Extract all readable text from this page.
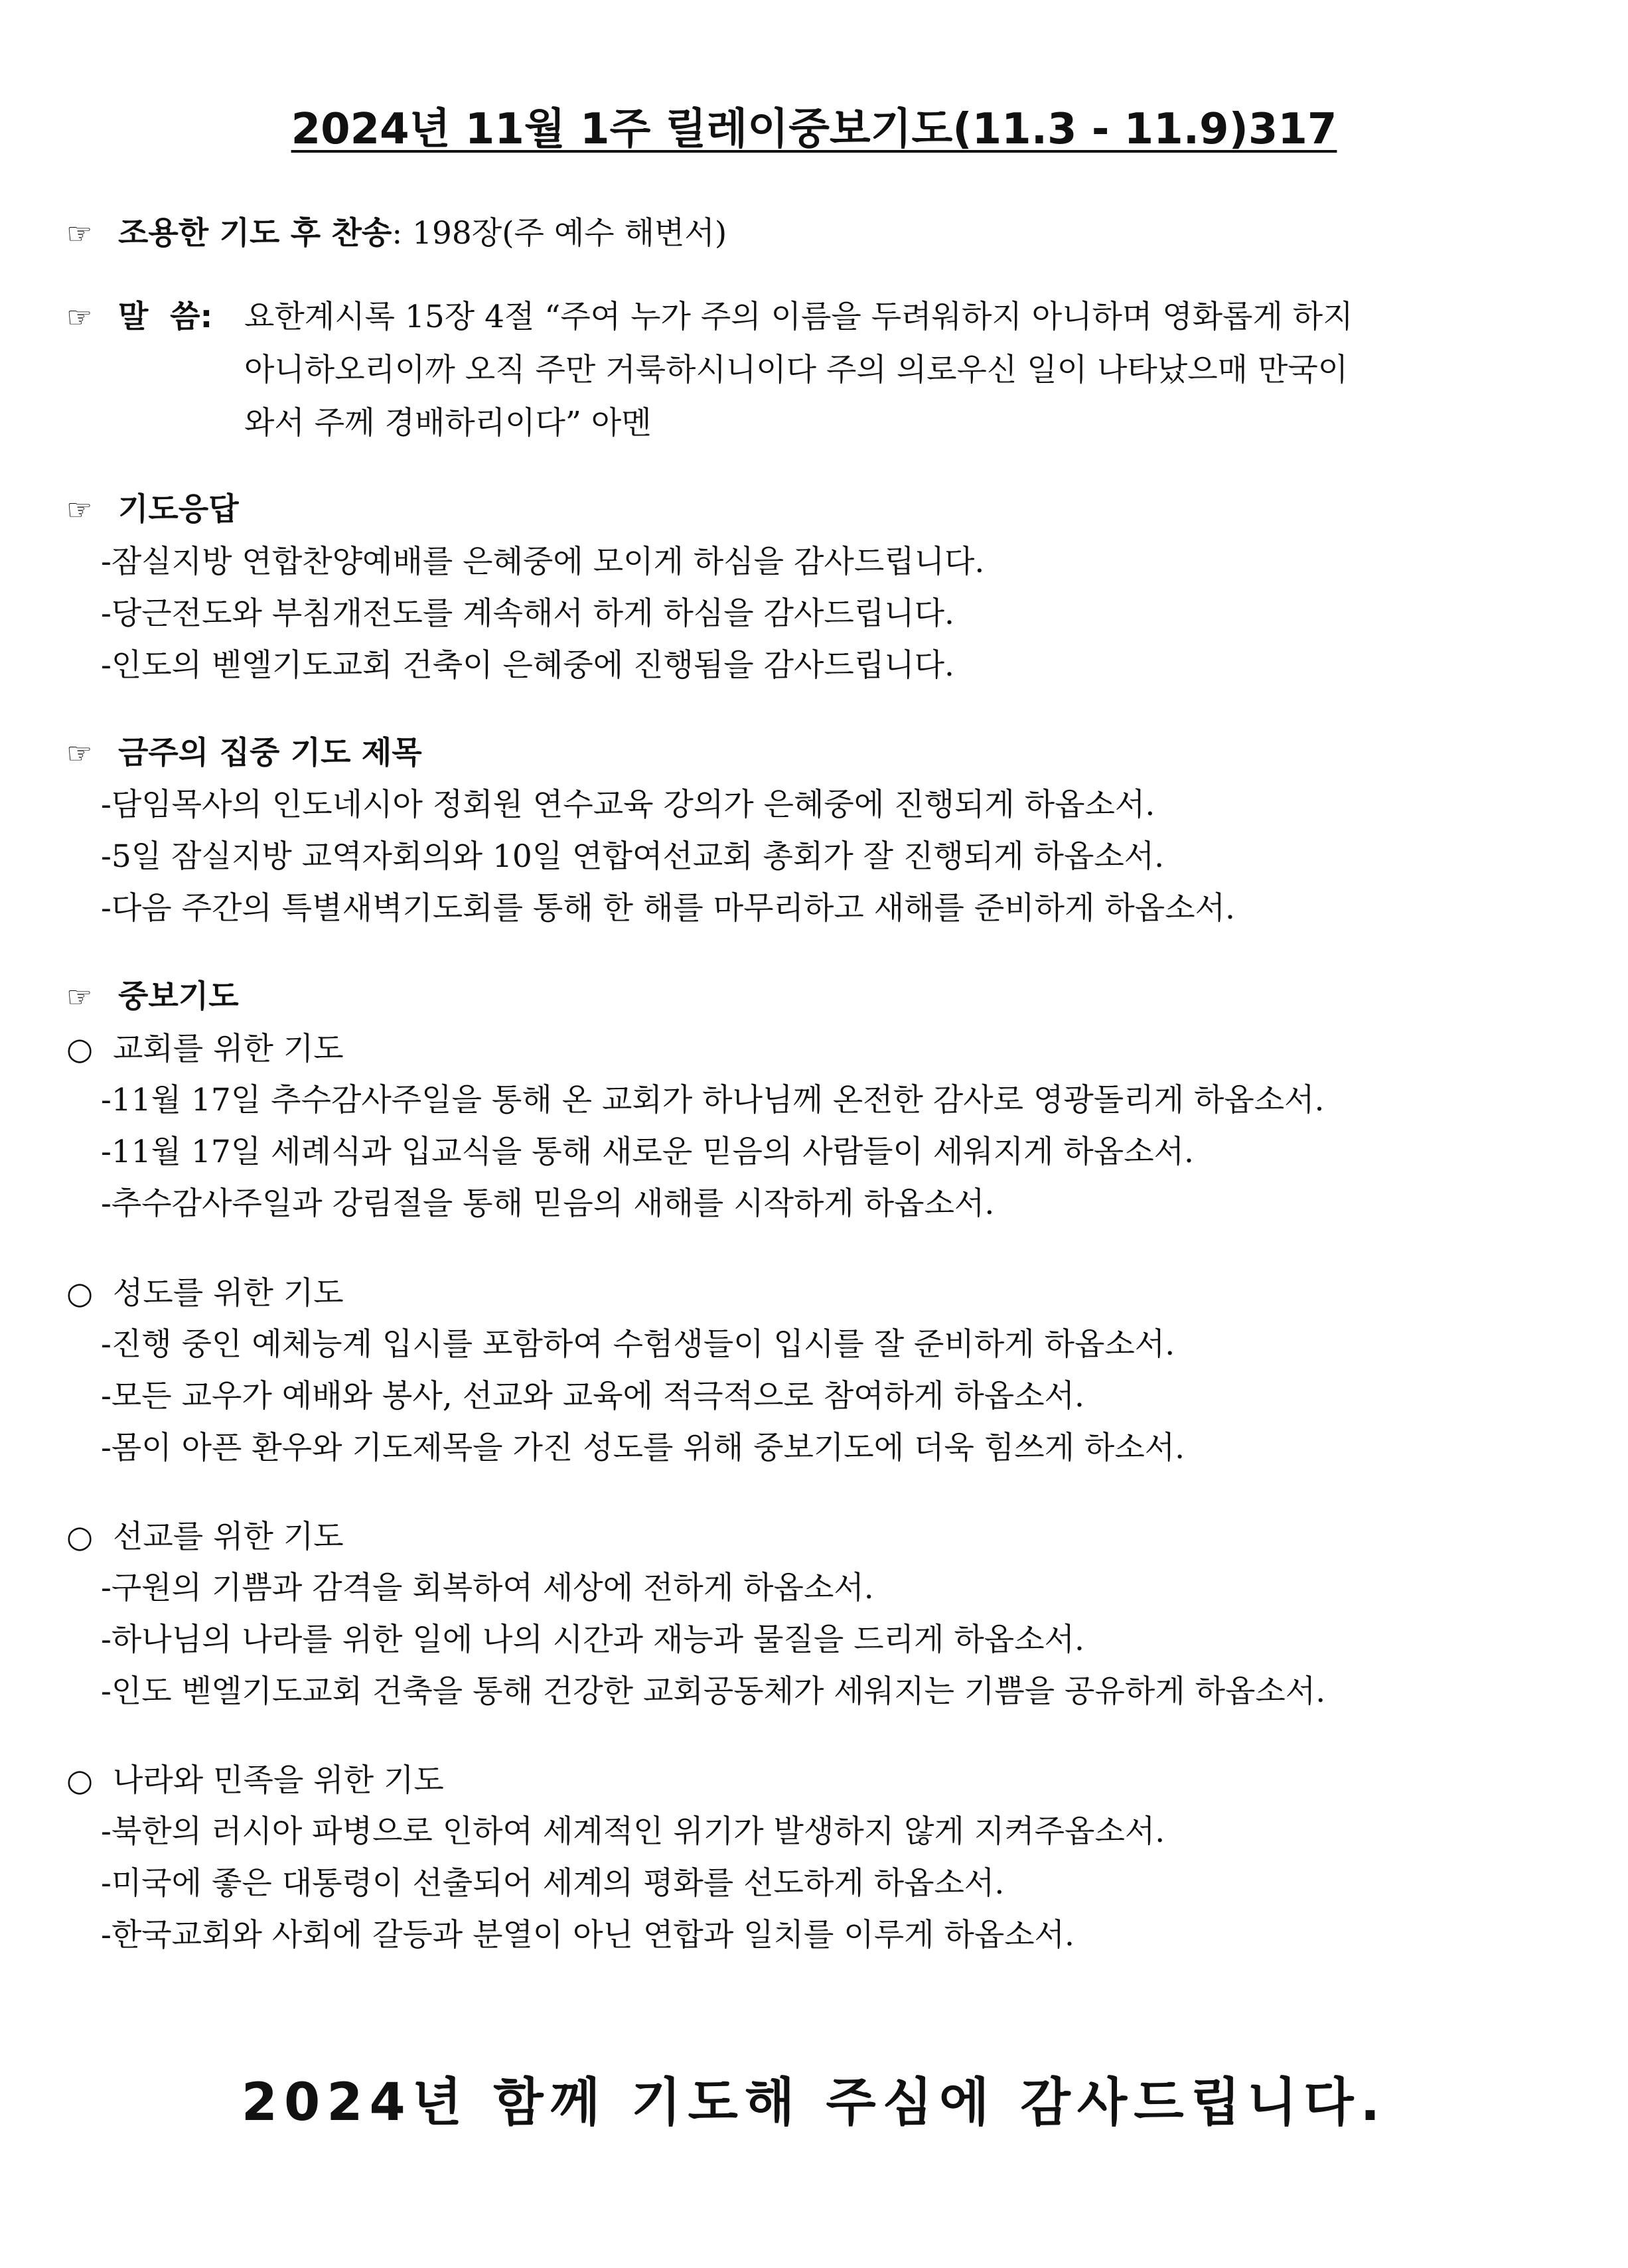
2024년 11월 1주 릴레이중보기도(11.3 - 11.9)317
☞ 조용한 기도 후 찬송: 198장(주 예수 해변서)
☞ 말  씀: 요한계시록 15장 4절 “주여 누가 주의 이름을 두려워하지 아니하며 영화롭게 하지
아니하오리이까 오직 주만 거룩하시니이다 주의 의로우신 일이 나타났으매 만국이
와서 주께 경배하리이다” 아멘
☞ 기도응답
-잠실지방 연합찬양예배를 은혜중에 모이게 하심을 감사드립니다.
-당근전도와 부침개전도를 계속해서 하게 하심을 감사드립니다.
-인도의 벧엘기도교회 건축이 은혜중에 진행됨을 감사드립니다.
☞ 금주의 집중 기도 제목
-담임목사의 인도네시아 정회원 연수교육 강의가 은혜중에 진행되게 하옵소서.
-5일 잠실지방 교역자회의와 10일 연합여선교회 총회가 잘 진행되게 하옵소서.
-다음 주간의 특별새벽기도회를 통해 한 해를 마무리하고 새해를 준비하게 하옵소서.
☞ 중보기도
○ 교회를 위한 기도
-11월 17일 추수감사주일을 통해 온 교회가 하나님께 온전한 감사로 영광돌리게 하옵소서.
-11월 17일 세례식과 입교식을 통해 새로운 믿음의 사람들이 세워지게 하옵소서.
-추수감사주일과 강림절을 통해 믿음의 새해를 시작하게 하옵소서.
○ 성도를 위한 기도
-진행 중인 예체능계 입시를 포함하여 수험생들이 입시를 잘 준비하게 하옵소서.
-모든 교우가 예배와 봉사, 선교와 교육에 적극적으로 참여하게 하옵소서.
-몸이 아픈 환우와 기도제목을 가진 성도를 위해 중보기도에 더욱 힘쓰게 하소서.
○ 선교를 위한 기도
-구원의 기쁨과 감격을 회복하여 세상에 전하게 하옵소서.
-하나님의 나라를 위한 일에 나의 시간과 재능과 물질을 드리게 하옵소서.
-인도 벧엘기도교회 건축을 통해 건강한 교회공동체가 세워지는 기쁨을 공유하게 하옵소서.
○ 나라와 민족을 위한 기도
-북한의 러시아 파병으로 인하여 세계적인 위기가 발생하지 않게 지켜주옵소서.
-미국에 좋은 대통령이 선출되어 세계의 평화를 선도하게 하옵소서.
-한국교회와 사회에 갈등과 분열이 아닌 연합과 일치를 이루게 하옵소서.
2024년 함께 기도해 주심에 감사드립니다.
